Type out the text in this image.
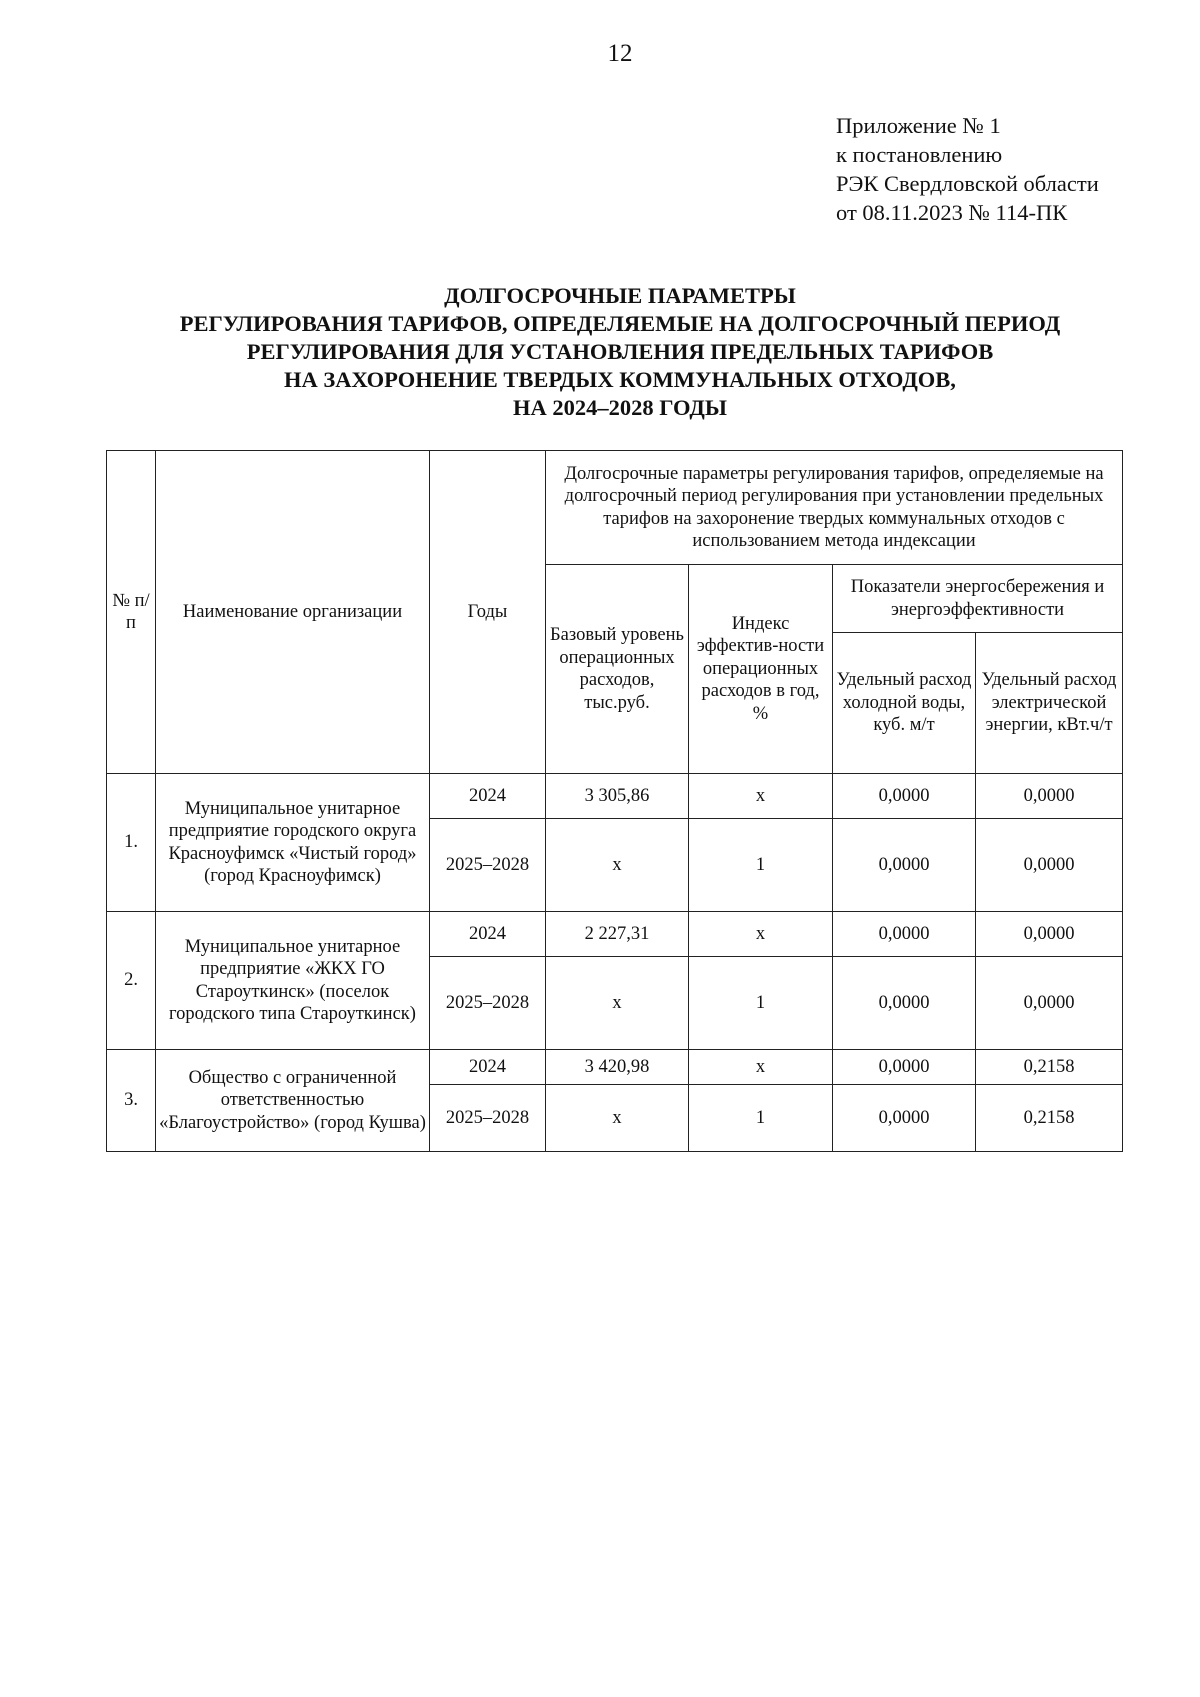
12
Приложение № 1
к постановлению
РЭК Свердловской области
от 08.11.2023 № 114-ПК
ДОЛГОСРОЧНЫЕ ПАРАМЕТРЫ
РЕГУЛИРОВАНИЯ ТАРИФОВ, ОПРЕДЕЛЯЕМЫЕ НА ДОЛГОСРОЧНЫЙ ПЕРИОД
РЕГУЛИРОВАНИЯ ДЛЯ УСТАНОВЛЕНИЯ ПРЕДЕЛЬНЫХ ТАРИФОВ
НА ЗАХОРОНЕНИЕ ТВЕРДЫХ КОММУНАЛЬНЫХ ОТХОДОВ,
НА 2024–2028 ГОДЫ
№ п/п	Наименование организации	Годы	Долгосрочные параметры регулирования тарифов, определяемые на долгосрочный период регулирования при установлении предельных тарифов на захоронение твердых коммунальных отходов с использованием метода индексации			
			Базовый уровень операционных расходов, тыс.руб.	Индекс эффектив-ности операционных расходов в год, %	Показатели энергосбережения и энергоэффективности	
					Удельный расход холодной воды, куб. м/т	Удельный расход электрической энергии, кВт.ч/т
1.	Муниципальное унитарное предприятие городского округа Красноуфимск «Чистый город» (город Красноуфимск)	2024	3 305,86	х	0,0000	0,0000
		2025–2028	х	1	0,0000	0,0000
2.	Муниципальное унитарное предприятие «ЖКХ ГО Староуткинск» (поселок городского типа Староуткинск)	2024	2 227,31	х	0,0000	0,0000
		2025–2028	х	1	0,0000	0,0000
3.	Общество с ограниченной ответственностью «Благоустройство» (город Кушва)	2024	3 420,98	х	0,0000	0,2158
		2025–2028	х	1	0,0000	0,2158
